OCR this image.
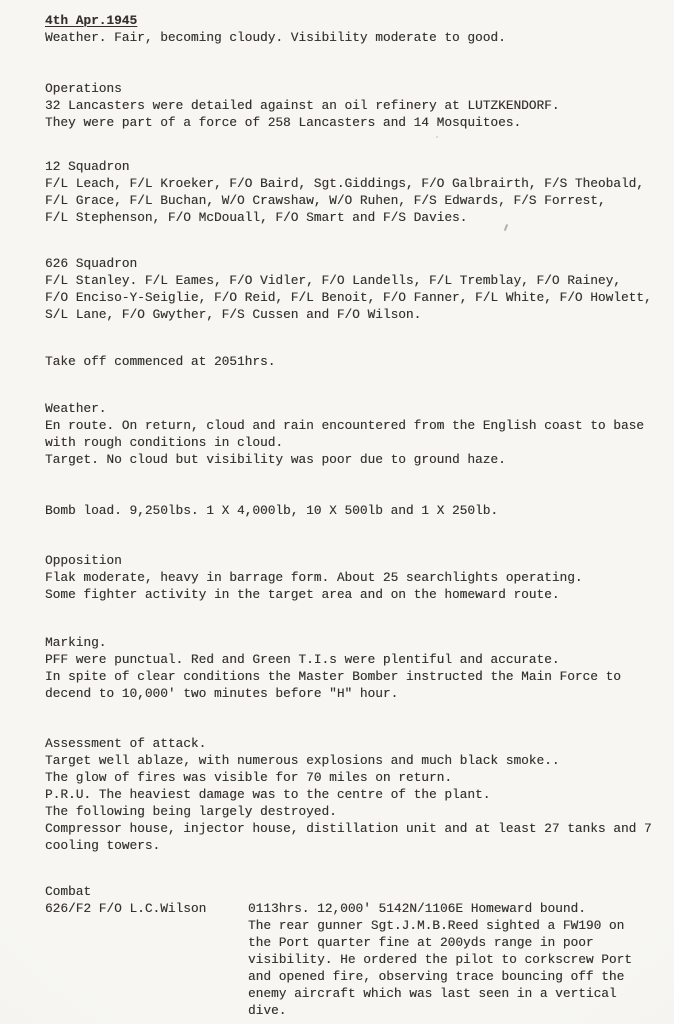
4th Apr.1945
Weather. Fair, becoming cloudy. Visibility moderate to good.
Operations
32 Lancasters were detailed against an oil refinery at LUTZKENDORF.
They were part of a force of 258 Lancasters and 14 Mosquitoes.
12 Squadron
F/L Leach, F/L Kroeker, F/O Baird, Sgt.Giddings, F/O Galbrairth, F/S Theobald,
F/L Grace, F/L Buchan, W/O Crawshaw, W/O Ruhen, F/S Edwards, F/S Forrest,
F/L Stephenson, F/O McDouall, F/O Smart and F/S Davies.
626 Squadron
F/L Stanley. F/L Eames, F/O Vidler, F/O Landells, F/L Tremblay, F/O Rainey,
F/O Enciso-Y-Seiglie, F/O Reid, F/L Benoit, F/O Fanner, F/L White, F/O Howlett,
S/L Lane, F/O Gwyther, F/S Cussen and F/O Wilson.
Take off commenced at 2051hrs.
Weather.
En route. On return, cloud and rain encountered from the English coast to base
with rough conditions in cloud.
Target. No cloud but visibility was poor due to ground haze.
Bomb load. 9,250lbs. 1 X 4,000lb, 10 X 500lb and 1 X 250lb.
Opposition
Flak moderate, heavy in barrage form. About 25 searchlights operating.
Some fighter activity in the target area and on the homeward route.
Marking.
PFF were punctual. Red and Green T.I.s were plentiful and accurate.
In spite of clear conditions the Master Bomber instructed the Main Force to
decend to 10,000' two minutes before "H" hour.
Assessment of attack.
Target well ablaze, with numerous explosions and much black smoke..
The glow of fires was visible for 70 miles on return.
P.R.U. The heaviest damage was to the centre of the plant.
The following being largely destroyed.
Compressor house, injector house, distillation unit and at least 27 tanks and 7
cooling towers.
Combat
626/F2 F/O L.C.Wilson	0113hrs. 12,000' 5142N/1106E Homeward bound.
The rear gunner Sgt.J.M.B.Reed sighted a FW190 on
the Port quarter fine at 200yds range in poor
visibility. He ordered the pilot to corkscrew Port
and opened fire, observing trace bouncing off the
enemy aircraft which was last seen in a vertical
dive.
